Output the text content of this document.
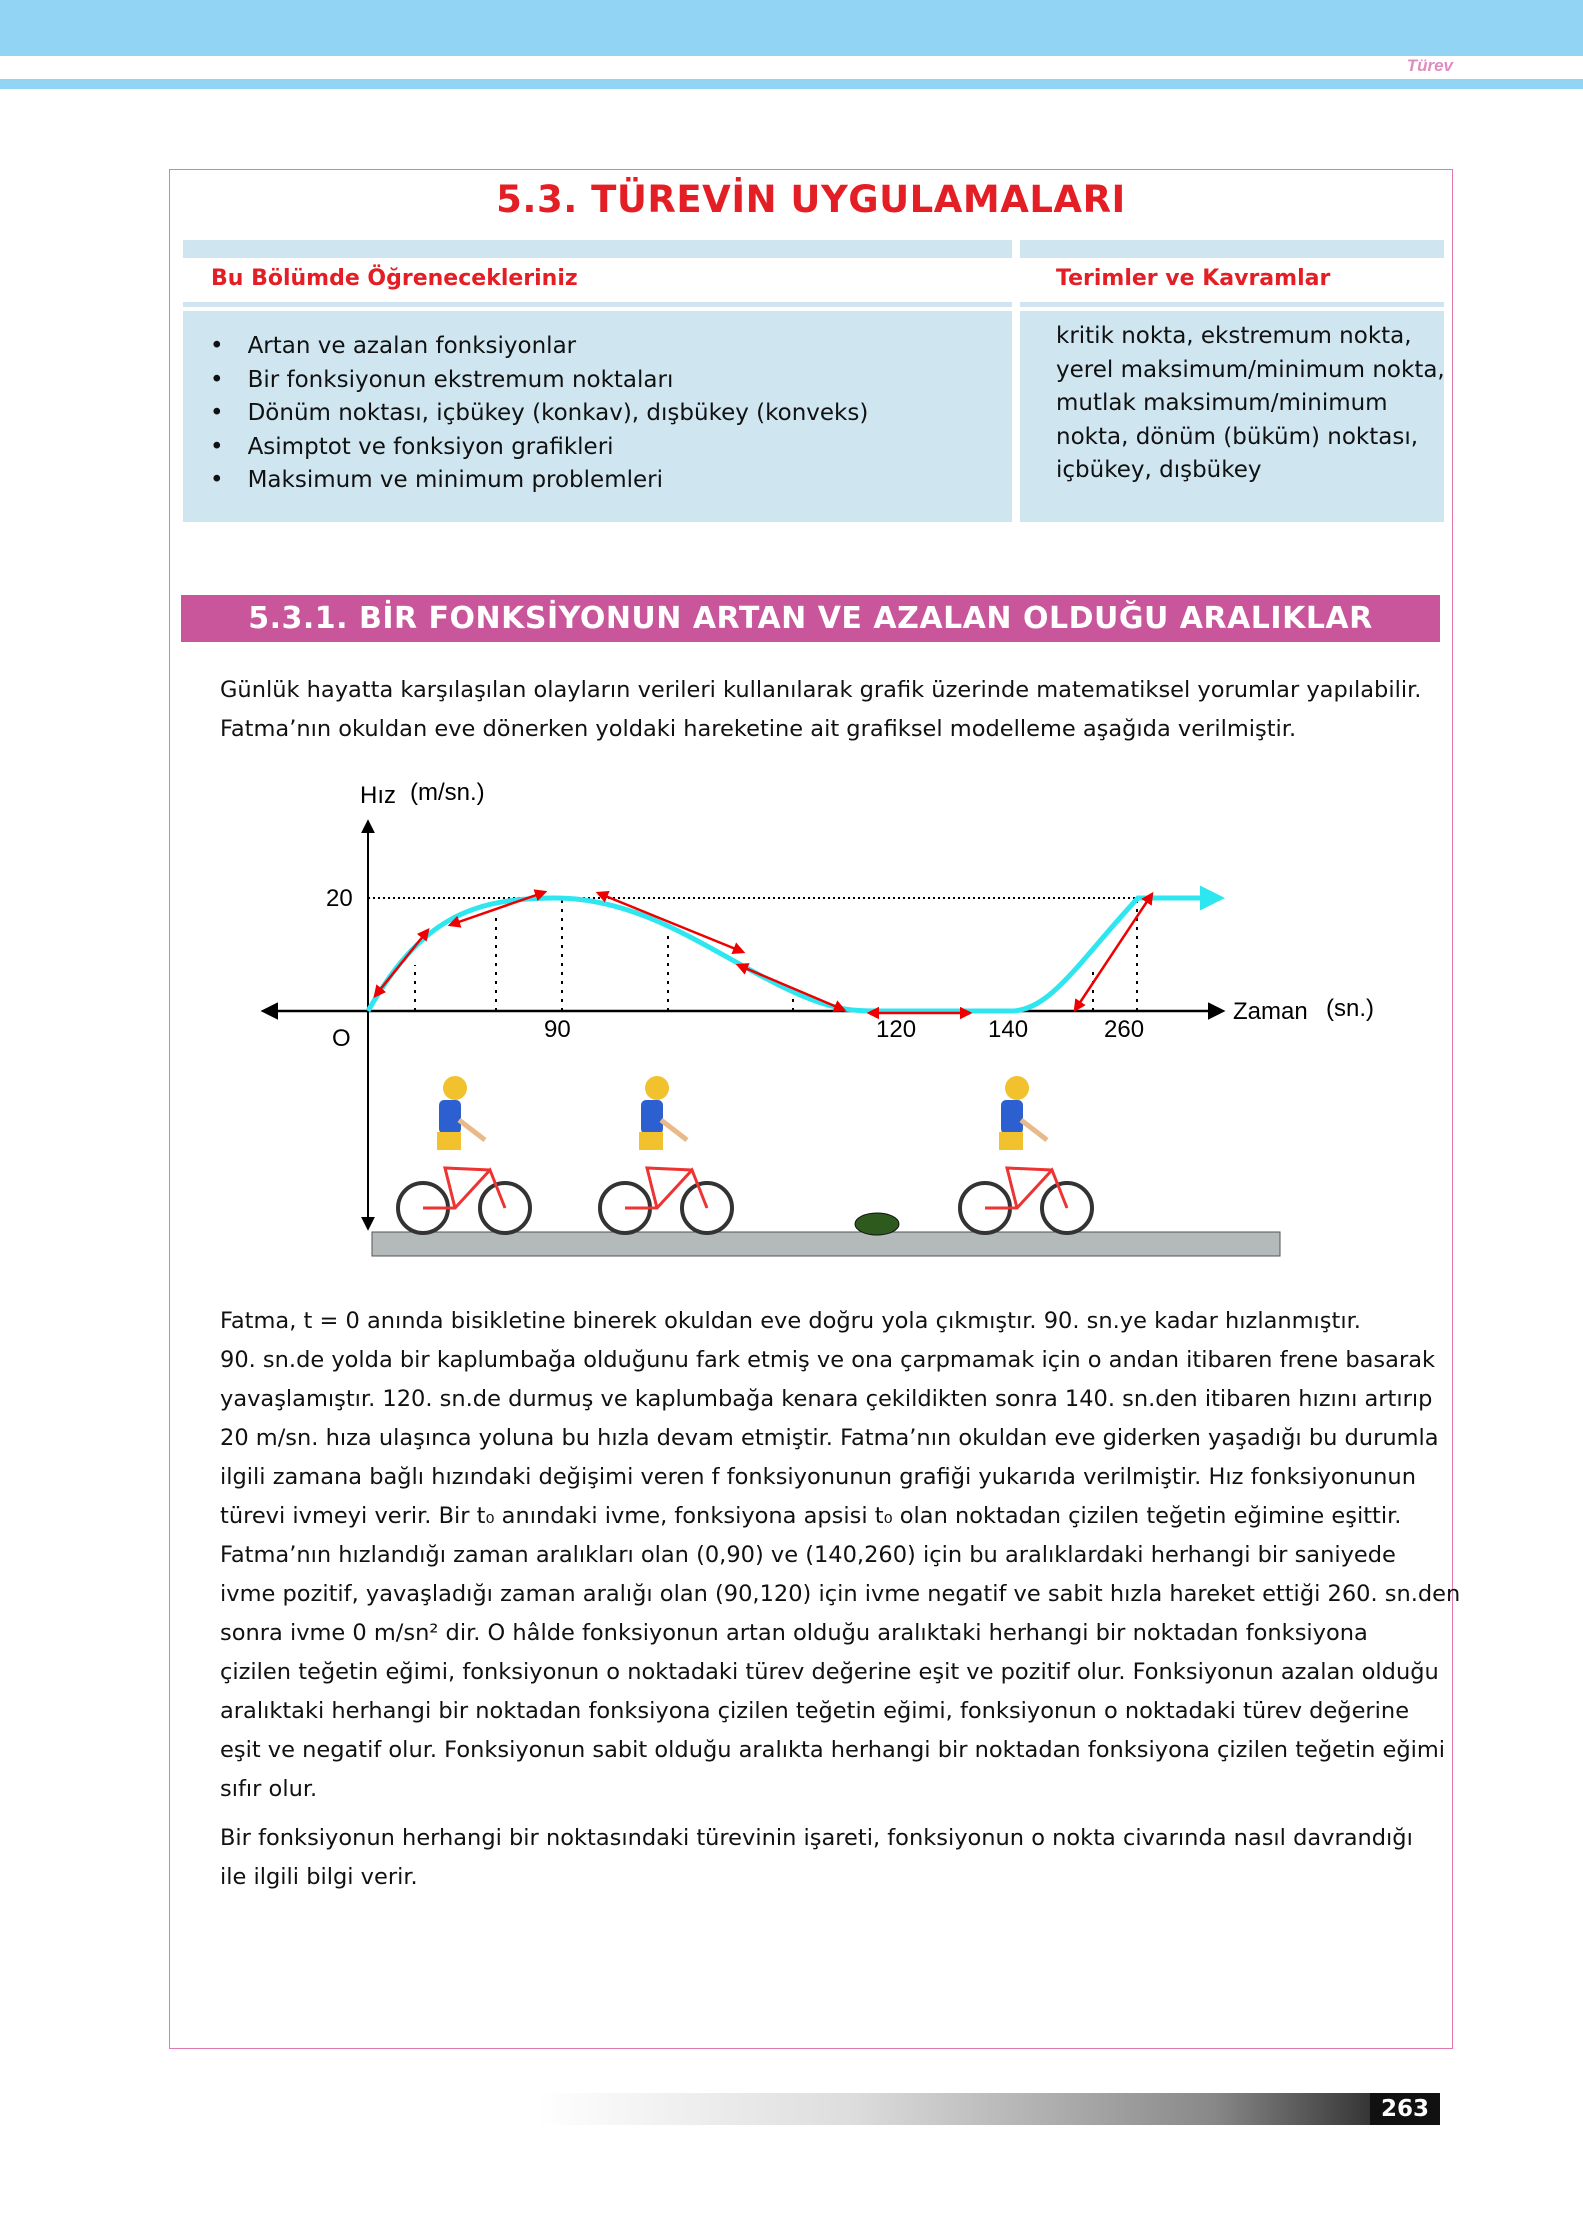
Türev
5.3. TÜREVİN UYGULAMALARI
Bu Bölümde Öğrenecekleriniz	Terimler ve Kavramlar
• Artan ve azalan fonksiyonlar
• Bir fonksiyonun ekstremum noktaları
• Dönüm noktası, içbükey (konkav), dışbükey (konveks)
• Asimptot ve fonksiyon grafikleri
• Maksimum ve minimum problemleri
kritik nokta, ekstremum nokta,
yerel maksimum/minimum nokta,
mutlak maksimum/minimum
nokta, dönüm (büküm) noktası,
içbükey, dışbükey
5.3.1. BİR FONKSİYONUN ARTAN VE AZALAN OLDUĞU ARALIKLAR
Günlük hayatta karşılaşılan olayların verileri kullanılarak grafik üzerinde matematiksel yorumlar yapılabilir.
Fatma’nın okuldan eve dönerken yoldaki hareketine ait grafiksel modelleme aşağıda verilmiştir.
Hız (m/sn.)
Zaman (sn.)
O
20
90	120	140	260
Fatma, t = 0 anında bisikletine binerek okuldan eve doğru yola çıkmıştır. 90. sn.ye kadar hızlanmıştır.
90. sn.de yolda bir kaplumbağa olduğunu fark etmiş ve ona çarpmamak için o andan itibaren frene basarak
yavaşlamıştır. 120. sn.de durmuş ve kaplumbağa kenara çekildikten sonra 140. sn.den itibaren hızını artırıp
20 m/sn. hıza ulaşınca yoluna bu hızla devam etmiştir. Fatma’nın okuldan eve giderken yaşadığı bu durumla
ilgili zamana bağlı hızındaki değişimi veren f fonksiyonunun grafiği yukarıda verilmiştir. Hız fonksiyonunun
türevi ivmeyi verir. Bir t₀ anındaki ivme, fonksiyona apsisi t₀ olan noktadan çizilen teğetin eğimine eşittir.
Fatma’nın hızlandığı zaman aralıkları olan (0,90) ve (140,260) için bu aralıklardaki herhangi bir saniyede
ivme pozitif, yavaşladığı zaman aralığı olan (90,120) için ivme negatif ve sabit hızla hareket ettiği 260. sn.den
sonra ivme 0 m/sn² dir. O hâlde fonksiyonun artan olduğu aralıktaki herhangi bir noktadan fonksiyona
çizilen teğetin eğimi, fonksiyonun o noktadaki türev değerine eşit ve pozitif olur. Fonksiyonun azalan olduğu
aralıktaki herhangi bir noktadan fonksiyona çizilen teğetin eğimi, fonksiyonun o noktadaki türev değerine
eşit ve negatif olur. Fonksiyonun sabit olduğu aralıkta herhangi bir noktadan fonksiyona çizilen teğetin eğimi
sıfır olur.
Bir fonksiyonun herhangi bir noktasındaki türevinin işareti, fonksiyonun o nokta civarında nasıl davrandığı
ile ilgili bilgi verir.
263
